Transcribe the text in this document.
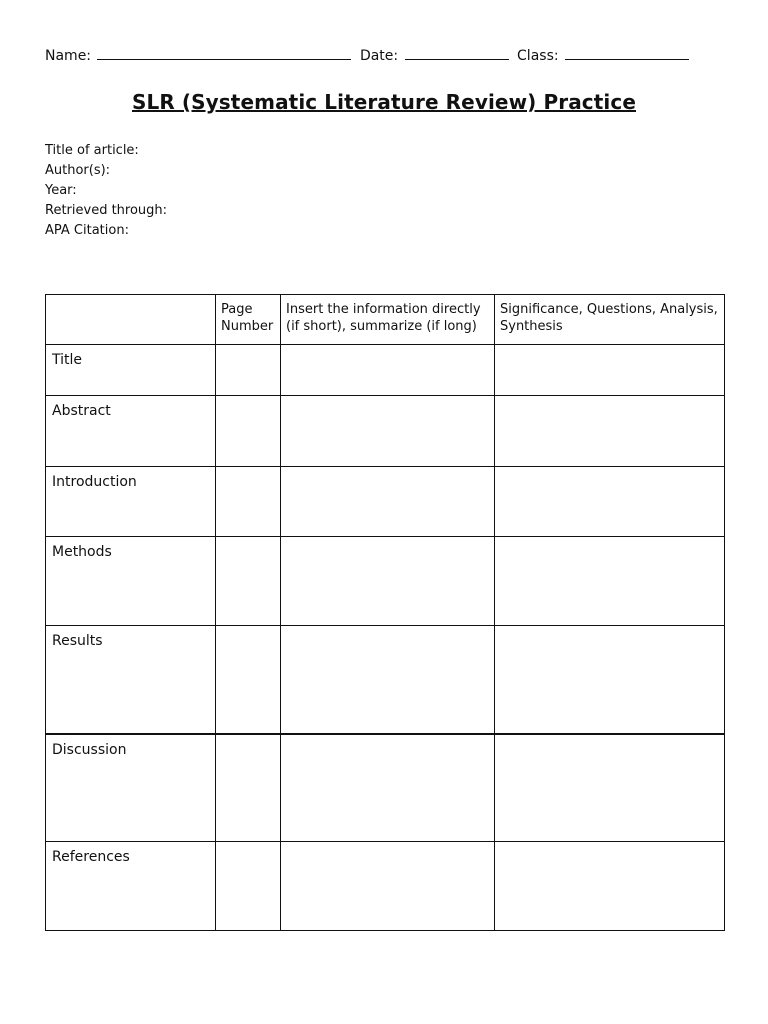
Name:	Date:	Class:
SLR (Systematic Literature Review) Practice
Title of article:
Author(s):
Year:
Retrieved through:
APA Citation:
	Page Number	Insert the information directly (if short), summarize (if long)	Significance, Questions, Analysis, Synthesis
Title			
Abstract			
Introduction			
Methods			
Results			
Discussion			
References			
